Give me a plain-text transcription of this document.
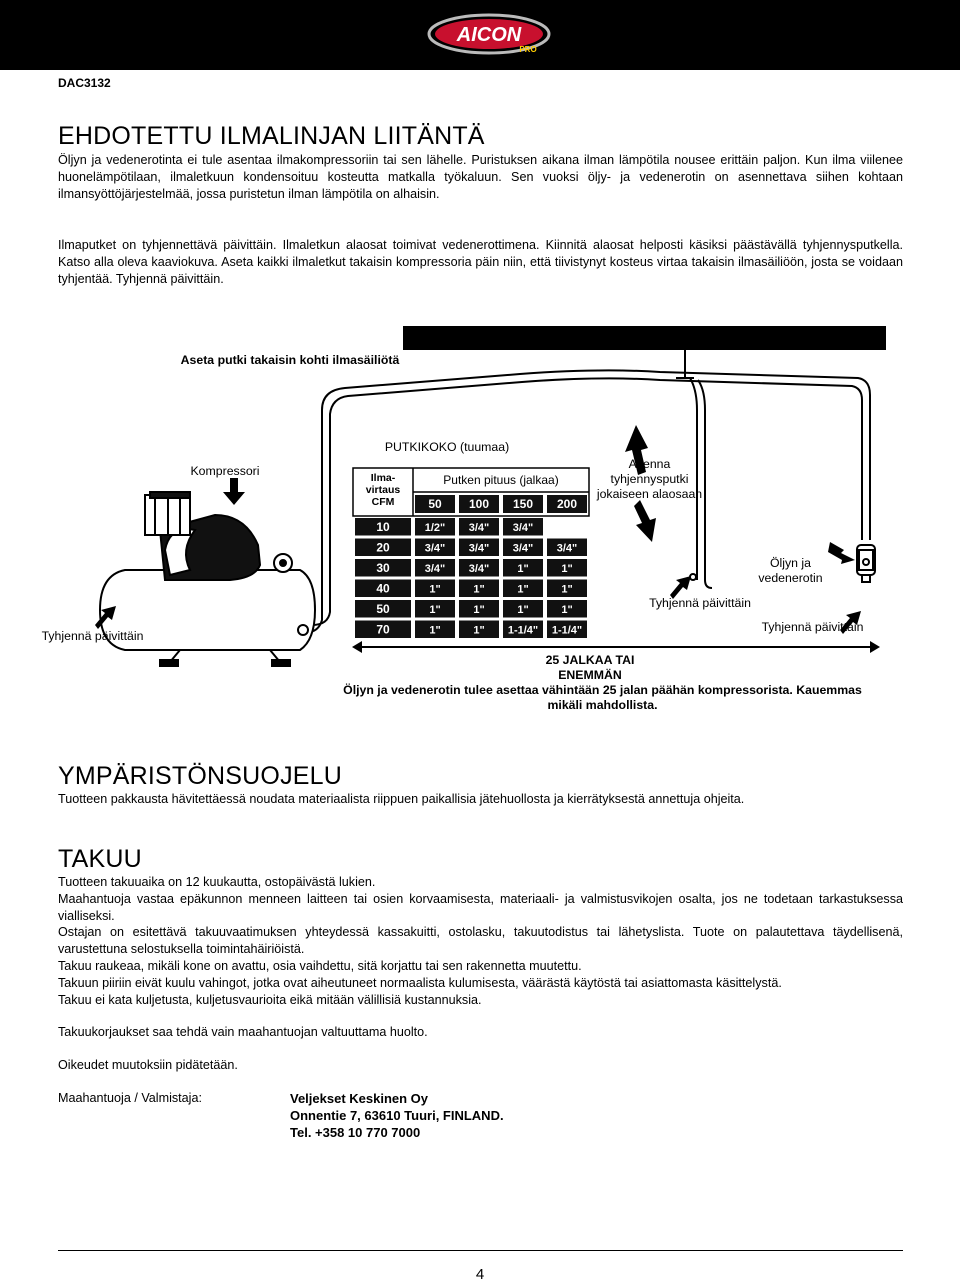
AICON
PRO
DAC3132
EHDOTETTU ILMALINJAN LIITÄNTÄ

Öljyn ja vedenerotinta ei tule asentaa ilmakompressoriin tai sen lähelle. Puristuksen aikana ilman lämpötila nousee erittäin paljon. Kun ilma viilenee huonelämpötilaan, ilmaletkuun kondensoituu kosteutta matkalla työkaluun. Sen vuoksi öljy- ja vedenerotin on asennettava siihen kohtaan ilmansyöttöjärjestelmää, jossa puristetun ilman lämpötila on alhaisin.

Ilmaputket on tyhjennettävä päivittäin. Ilmaletkun alaosat toimivat vedenerottimena. Kiinnitä alaosat helposti käsiksi päästävällä tyhjennysputkella. Katso alla oleva kaaviokuva. Aseta kaikki ilmaletkut takaisin kompressoria päin niin, että tiivistynyt kosteus virtaa takaisin ilmasäiliöön, josta se voidaan tyhjentää. Tyhjennä päivittäin.

Ilma-virtaus CFM
Putken pituus (jalkaa)
50 100 150 200
10	1/2" 3/4" 3/4"
20	3/4" 3/4" 3/4" 3/4"
30	3/4" 3/4"	1"	1"
40	1"	1"	1"	1"
50	1"	1"	1"	1"
70	1"	1" 1-1/4" 1-1/4"
Aseta putki takaisin kohti ilmasäiliötä
Kompressori
Tyhjennä päivittäin
Tyhjennä päivittäin
Tyhjennä päivittäin
Asenna tyhjennysputki jokaiseen alaosaan
Öljyn ja vedenerotin
25 JALKAA TAI ENEMMÄN
Öljyn ja vedenerotin tulee asettaa vähintään 25 jalan päähän kompressorista. Kauemmas mikäli mahdollista.
PUTKIKOKO (tuumaa)
YMPÄRISTÖNSUOJELU
Tuotteen pakkausta hävitettäessä noudata materiaalista riippuen paikallisia jätehuollosta ja kierrätyksestä annettuja ohjeita.
TAKUU

Tuotteen takuuaika on 12 kuukautta, ostopäivästä lukien.

Maahantuoja vastaa epäkunnon menneen laitteen tai osien korvaamisesta, materiaali- ja valmistusvikojen osalta, jos ne todetaan tarkastuksessa vialliseksi.

Ostajan on esitettävä takuuvaatimuksen yhteydessä kassakuitti, ostolasku, takuutodistus tai lähetyslista. Tuote on palautettava täydellisenä, varustettuna selostuksella toimintahäiriöistä.

Takuu raukeaa, mikäli kone on avattu, osia vaihdettu, sitä korjattu tai sen rakennetta muutettu.

Takuun piiriin eivät kuulu vahingot, jotka ovat aiheutuneet normaalista kulumisesta, väärästä käytöstä tai asiattomasta käsittelystä.

Takuu ei kata kuljetusta, kuljetusvaurioita eikä mitään välillisiä kustannuksia.

Takuukorjaukset saa tehdä vain maahantuojan valtuuttama huolto.
Oikeudet muutoksiin pidätetään.
Maahantuoja / Valmistaja:	Veljekset Keskinen Oy
Onnentie 7, 63610 Tuuri, FINLAND.
Tel. +358 10 770 7000
4
